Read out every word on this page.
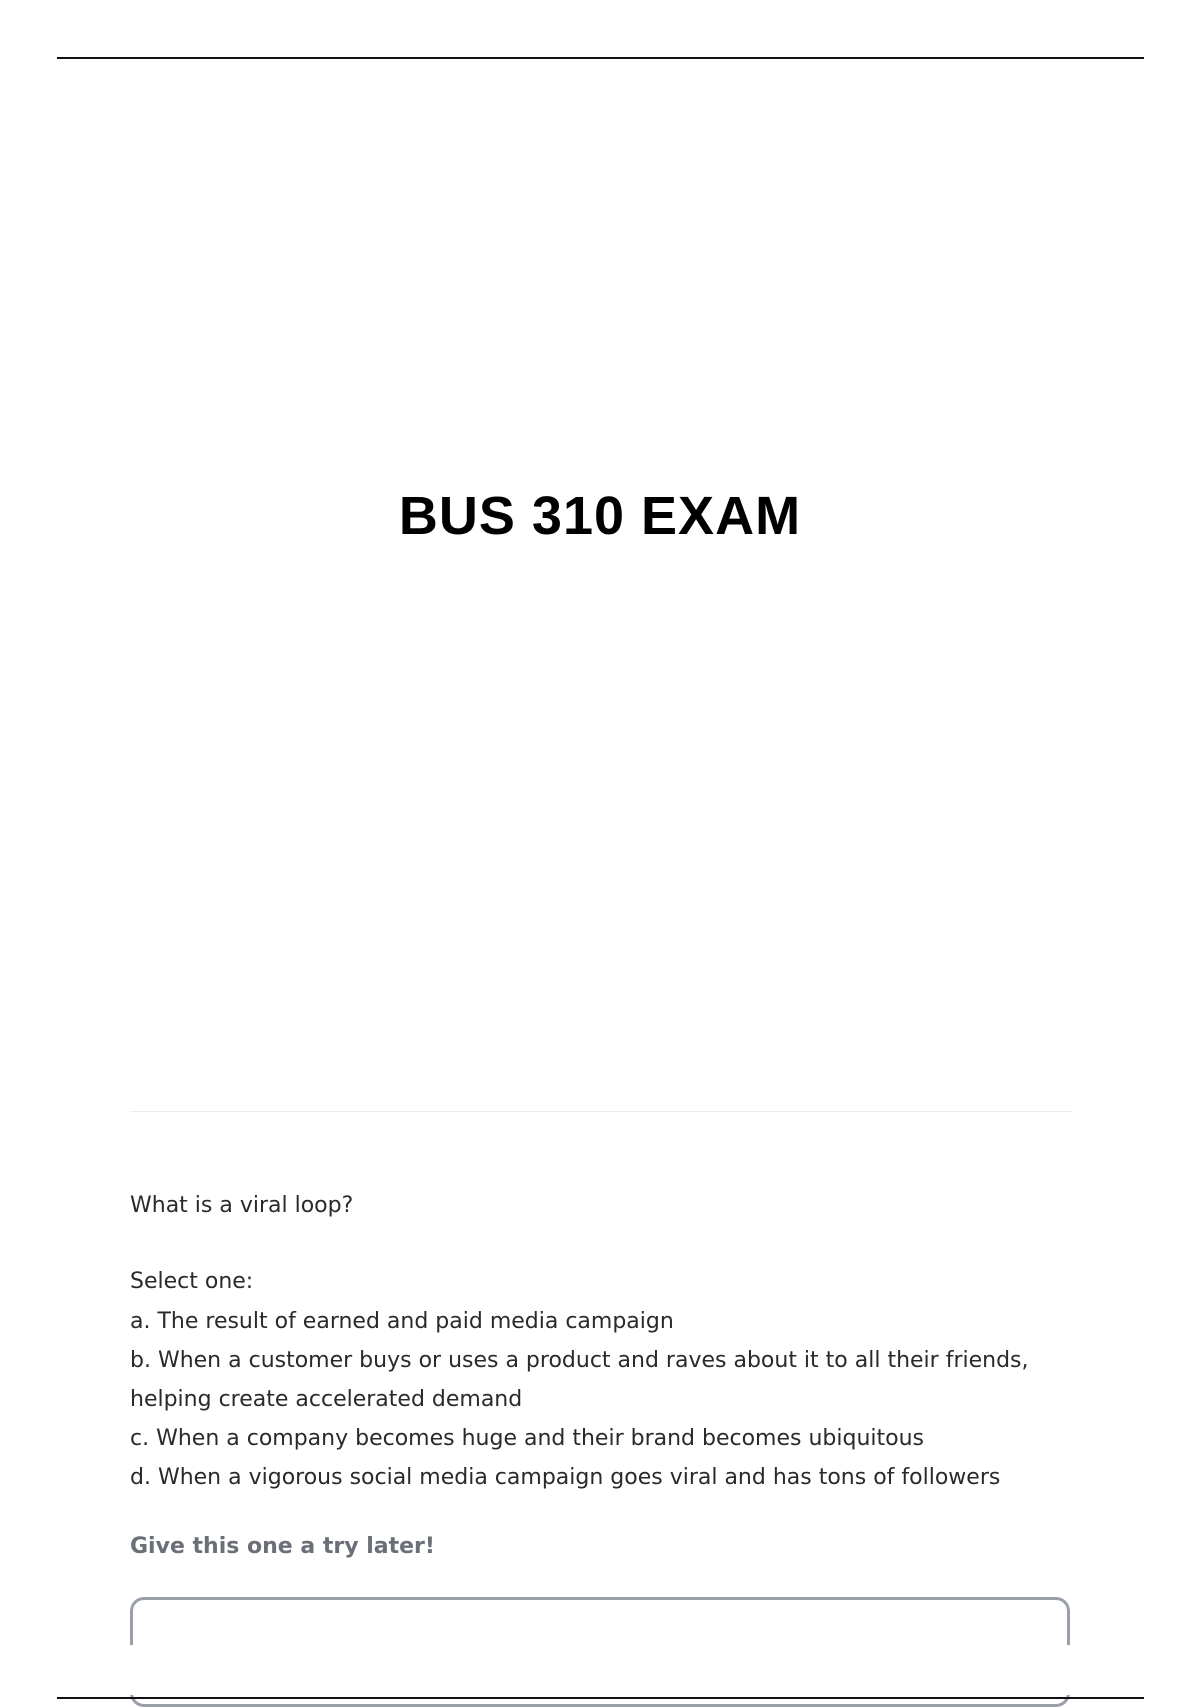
BUS 310 EXAM

What is a viral loop?

Select one:

a. The result of earned and paid media campaign
b. When a customer buys or uses a product and raves about it to all their friends, helping create accelerated demand
c. When a company becomes huge and their brand becomes ubiquitous
d. When a vigorous social media campaign goes viral and has tons of followers

Give this one a try later!
